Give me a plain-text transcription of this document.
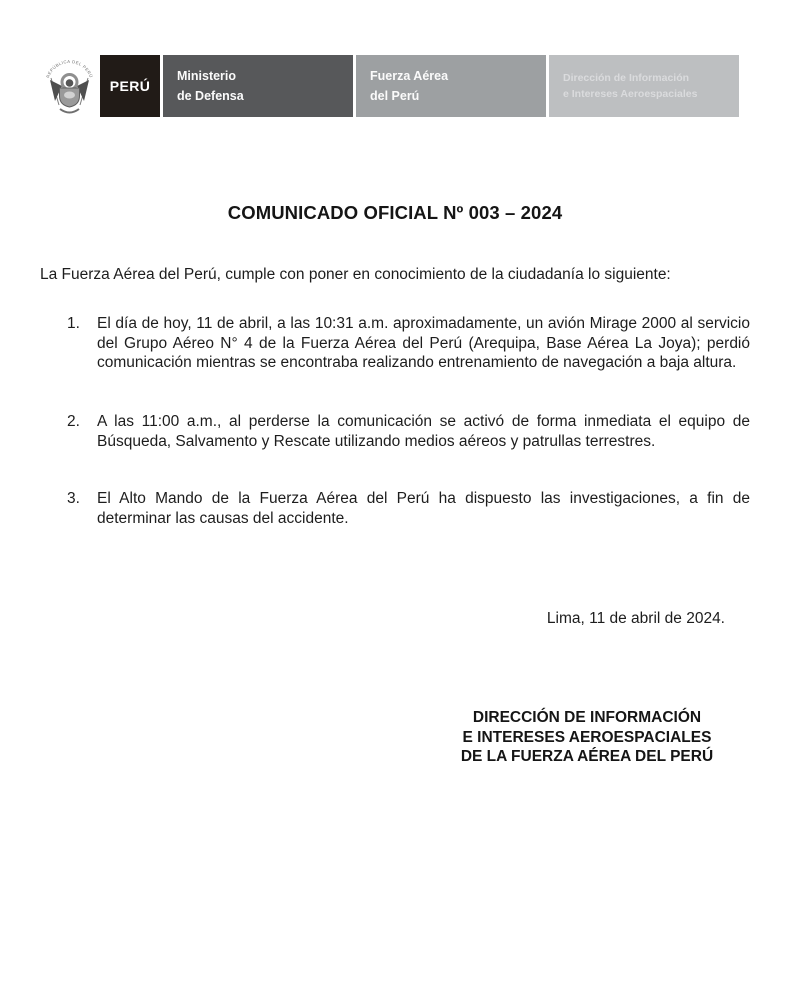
REPÚBLICA DEL PERÚ
PERÚ
Ministerio
de Defensa
Fuerza Aérea
del Perú
Dirección de Información
e Intereses Aeroespaciales
COMUNICADO OFICIAL Nº 003 – 2024
La Fuerza Aérea del Perú, cumple con poner en conocimiento de la ciudadanía lo siguiente:
1. El día de hoy, 11 de abril, a las 10:31 a.m. aproximadamente, un avión Mirage 2000 al servicio del Grupo Aéreo N° 4 de la Fuerza Aérea del Perú (Arequipa, Base Aérea La Joya); perdió comunicación mientras se encontraba realizando entrenamiento de navegación a baja altura.
2. A las 11:00 a.m., al perderse la comunicación se activó de forma inmediata el equipo de Búsqueda, Salvamento y Rescate utilizando medios aéreos y patrullas terrestres.
3. El Alto Mando de la Fuerza Aérea del Perú ha dispuesto las investigaciones, a fin de determinar las causas del accidente.
Lima, 11 de abril de 2024.
DIRECCIÓN DE INFORMACIÓN
E INTERESES AEROESPACIALES
DE LA FUERZA AÉREA DEL PERÚ
